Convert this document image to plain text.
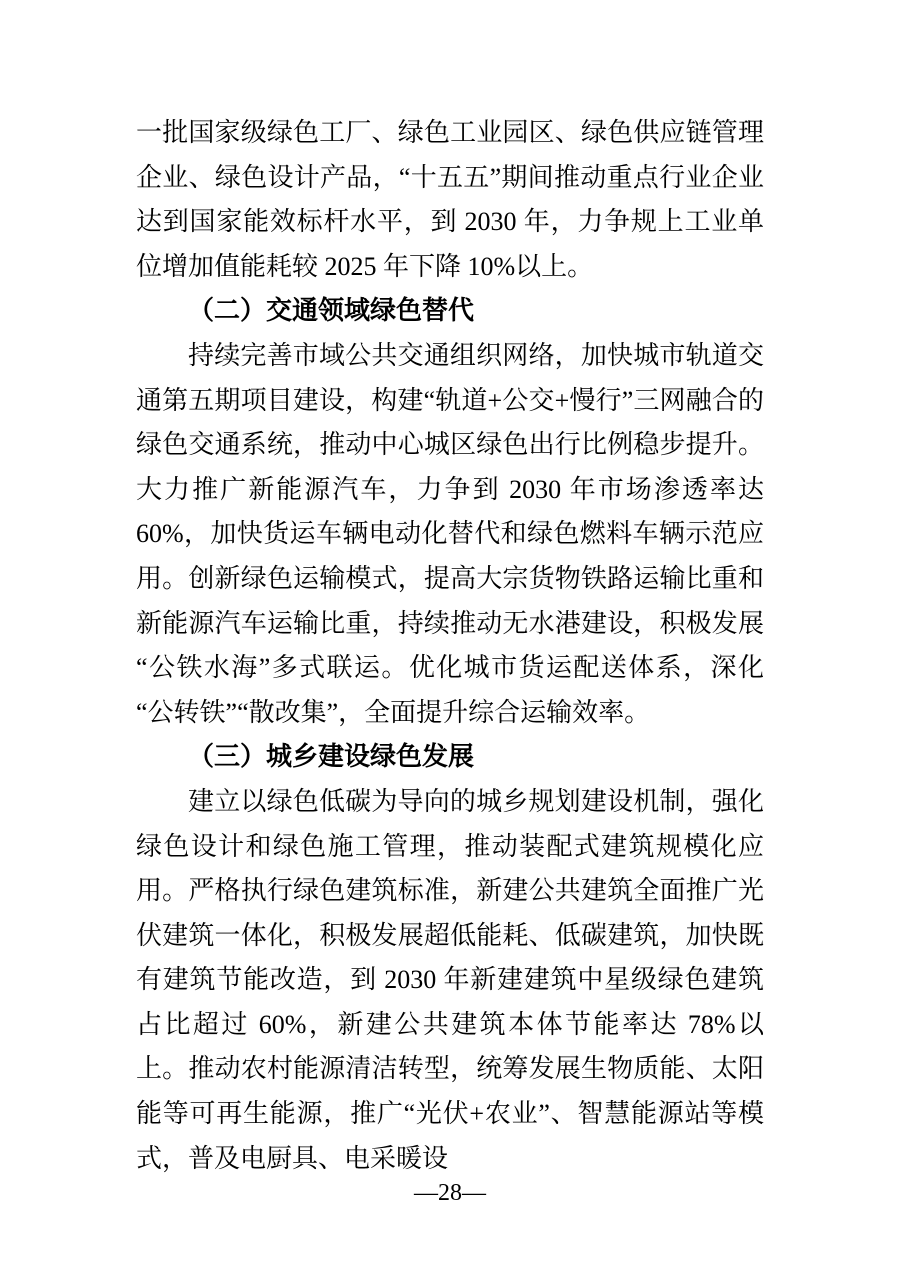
一批国家级绿色工厂、绿色工业园区、绿色供应链管理企业、绿色设计产品，“十五五”期间推动重点行业企业达到国家能效标杆水平，到 2030 年，力争规上工业单位增加值能耗较 2025 年下降 10%以上。

（二）交通领域绿色替代

持续完善市域公共交通组织网络，加快城市轨道交通第五期项目建设，构建“轨道+公交+慢行”三网融合的绿色交通系统，推动中心城区绿色出行比例稳步提升。大力推广新能源汽车，力争到 2030 年市场渗透率达 60%，加快货运车辆电动化替代和绿色燃料车辆示范应用。创新绿色运输模式，提高大宗货物铁路运输比重和新能源汽车运输比重，持续推动无水港建设，积极发展“公铁水海”多式联运。优化城市货运配送体系，深化“公转铁”“散改集”，全面提升综合运输效率。

（三）城乡建设绿色发展

建立以绿色低碳为导向的城乡规划建设机制，强化绿色设计和绿色施工管理，推动装配式建筑规模化应用。严格执行绿色建筑标准，新建公共建筑全面推广光伏建筑一体化，积极发展超低能耗、低碳建筑，加快既有建筑节能改造，到 2030 年新建建筑中星级绿色建筑占比超过 60%，新建公共建筑本体节能率达 78%以上。推动农村能源清洁转型，统筹发展生物质能、太阳能等可再生能源，推广“光伏+农业”、智慧能源站等模式，普及电厨具、电采暖设

—28—
